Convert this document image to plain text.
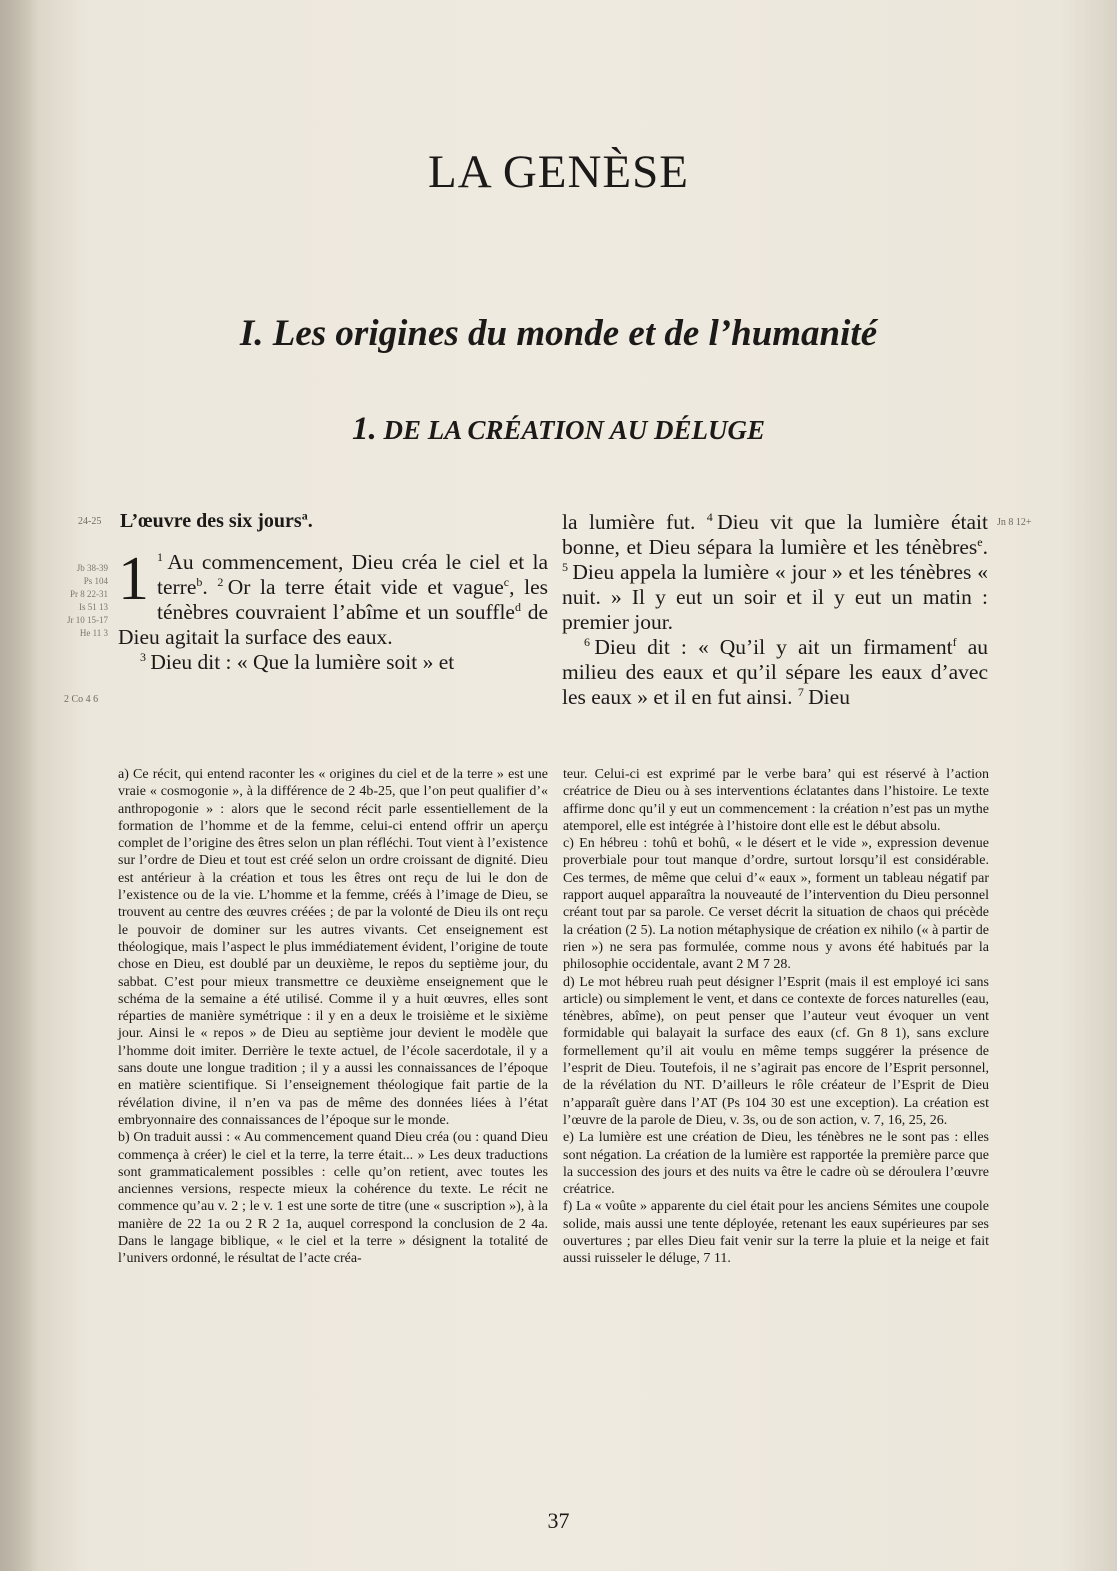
LA GENÈSE
I. Les origines du monde et de l’humanité
1. DE LA CRÉATION AU DÉLUGE
24-25 L’œuvre des six jours$^a$.
Jb 38-39
Ps 104
Pr 8 22-31
Is 51 13
Jr 10 15-17
He 11 3
2 Co 4 6
Jn 8 12+
1 $^1$  Au commencement, Dieu créa le ciel et la terre$^b$. $^2$  Or la terre était vide et vague$^c$, les ténèbres couvraient l’abîme et un souffle$^d$ de Dieu agitait la surface des eaux.

$^3$  Dieu dit : « Que la lumière soit » et

la lumière fut. $^4$  Dieu vit que la lumière était bonne, et Dieu sépara la lumière et les ténèbres$^e$. $^5$  Dieu appela la lumière « jour » et les ténèbres « nuit. » Il y eut un soir et il y eut un matin : premier jour.

$^6$  Dieu dit : « Qu’il y ait un firmament$^f$ au milieu des eaux et qu’il sépare les eaux d’avec les eaux » et il en fut ainsi. $^7$  Dieu

a) Ce récit, qui entend raconter les « origines du ciel et de la terre » est une vraie « cosmogonie », à la différence de 2 4b-25, que l’on peut qualifier d’« anthropogonie » : alors que le second récit parle essentiellement de la formation de l’homme et de la femme, celui-ci entend offrir un aperçu complet de l’origine des êtres selon un plan réfléchi. Tout vient à l’existence sur l’ordre de Dieu et tout est créé selon un ordre croissant de dignité. Dieu est antérieur à la création et tous les êtres ont reçu de lui le don de l’existence ou de la vie. L’homme et la femme, créés à l’image de Dieu, se trouvent au centre des œuvres créées ; de par la volonté de Dieu ils ont reçu le pouvoir de dominer sur les autres vivants. Cet enseignement est théologique, mais l’aspect le plus immédiatement évident, l’origine de toute chose en Dieu, est doublé par un deuxième, le repos du septième jour, du sabbat. C’est pour mieux transmettre ce deuxième enseignement que le schéma de la semaine a été utilisé. Comme il y a huit œuvres, elles sont réparties de manière symétrique : il y en a deux le troisième et le sixième jour. Ainsi le « repos » de Dieu au septième jour devient le modèle que l’homme doit imiter. Derrière le texte actuel, de l’école sacerdotale, il y a sans doute une longue tradition ; il y a aussi les connaissances de l’époque en matière scientifique. Si l’enseignement théologique fait partie de la révélation divine, il n’en va pas de même des données liées à l’état embryonnaire des connaissances de l’époque sur le monde.

b) On traduit aussi : « Au commencement quand Dieu créa (ou : quand Dieu commença à créer) le ciel et la terre, la terre était... » Les deux traductions sont grammaticalement possibles : celle qu’on retient, avec toutes les anciennes versions, respecte mieux la cohérence du texte. Le récit ne commence qu’au v. 2 ; le v. 1 est une sorte de titre (une « suscription »), à la manière de 22 1a ou 2 R 2 1a, auquel correspond la conclusion de 2 4a. Dans le langage biblique, « le ciel et la terre » désignent la totalité de l’univers ordonné, le résultat de l’acte créa-

teur. Celui-ci est exprimé par le verbe bara’ qui est réservé à l’action créatrice de Dieu ou à ses interventions éclatantes dans l’histoire. Le texte affirme donc qu’il y eut un commencement : la création n’est pas un mythe atemporel, elle est intégrée à l’histoire dont elle est le début absolu.

c) En hébreu : tohû et bohû, « le désert et le vide », expression devenue proverbiale pour tout manque d’ordre, surtout lorsqu’il est considérable. Ces termes, de même que celui d’« eaux », forment un tableau négatif par rapport auquel apparaîtra la nouveauté de l’intervention du Dieu personnel créant tout par sa parole. Ce verset décrit la situation de chaos qui précède la création (2 5). La notion métaphysique de création ex nihilo (« à partir de rien ») ne sera pas formulée, comme nous y avons été habitués par la philosophie occidentale, avant 2 M 7 28.

d) Le mot hébreu ruah peut désigner l’Esprit (mais il est employé ici sans article) ou simplement le vent, et dans ce contexte de forces naturelles (eau, ténèbres, abîme), on peut penser que l’auteur veut évoquer un vent formidable qui balayait la surface des eaux (cf. Gn 8 1), sans exclure formellement qu’il ait voulu en même temps suggérer la présence de l’esprit de Dieu. Toutefois, il ne s’agirait pas encore de l’Esprit personnel, de la révélation du NT. D’ailleurs le rôle créateur de l’Esprit de Dieu n’apparaît guère dans l’AT (Ps 104 30 est une exception). La création est l’œuvre de la parole de Dieu, v. 3s, ou de son action, v. 7, 16, 25, 26.

e) La lumière est une création de Dieu, les ténèbres ne le sont pas : elles sont négation. La création de la lumière est rapportée la première parce que la succession des jours et des nuits va être le cadre où se déroulera l’œuvre créatrice.

f) La « voûte » apparente du ciel était pour les anciens Sémites une coupole solide, mais aussi une tente déployée, retenant les eaux supérieures par ses ouvertures ; par elles Dieu fait venir sur la terre la pluie et la neige et fait aussi ruisseler le déluge, 7 11.

37
